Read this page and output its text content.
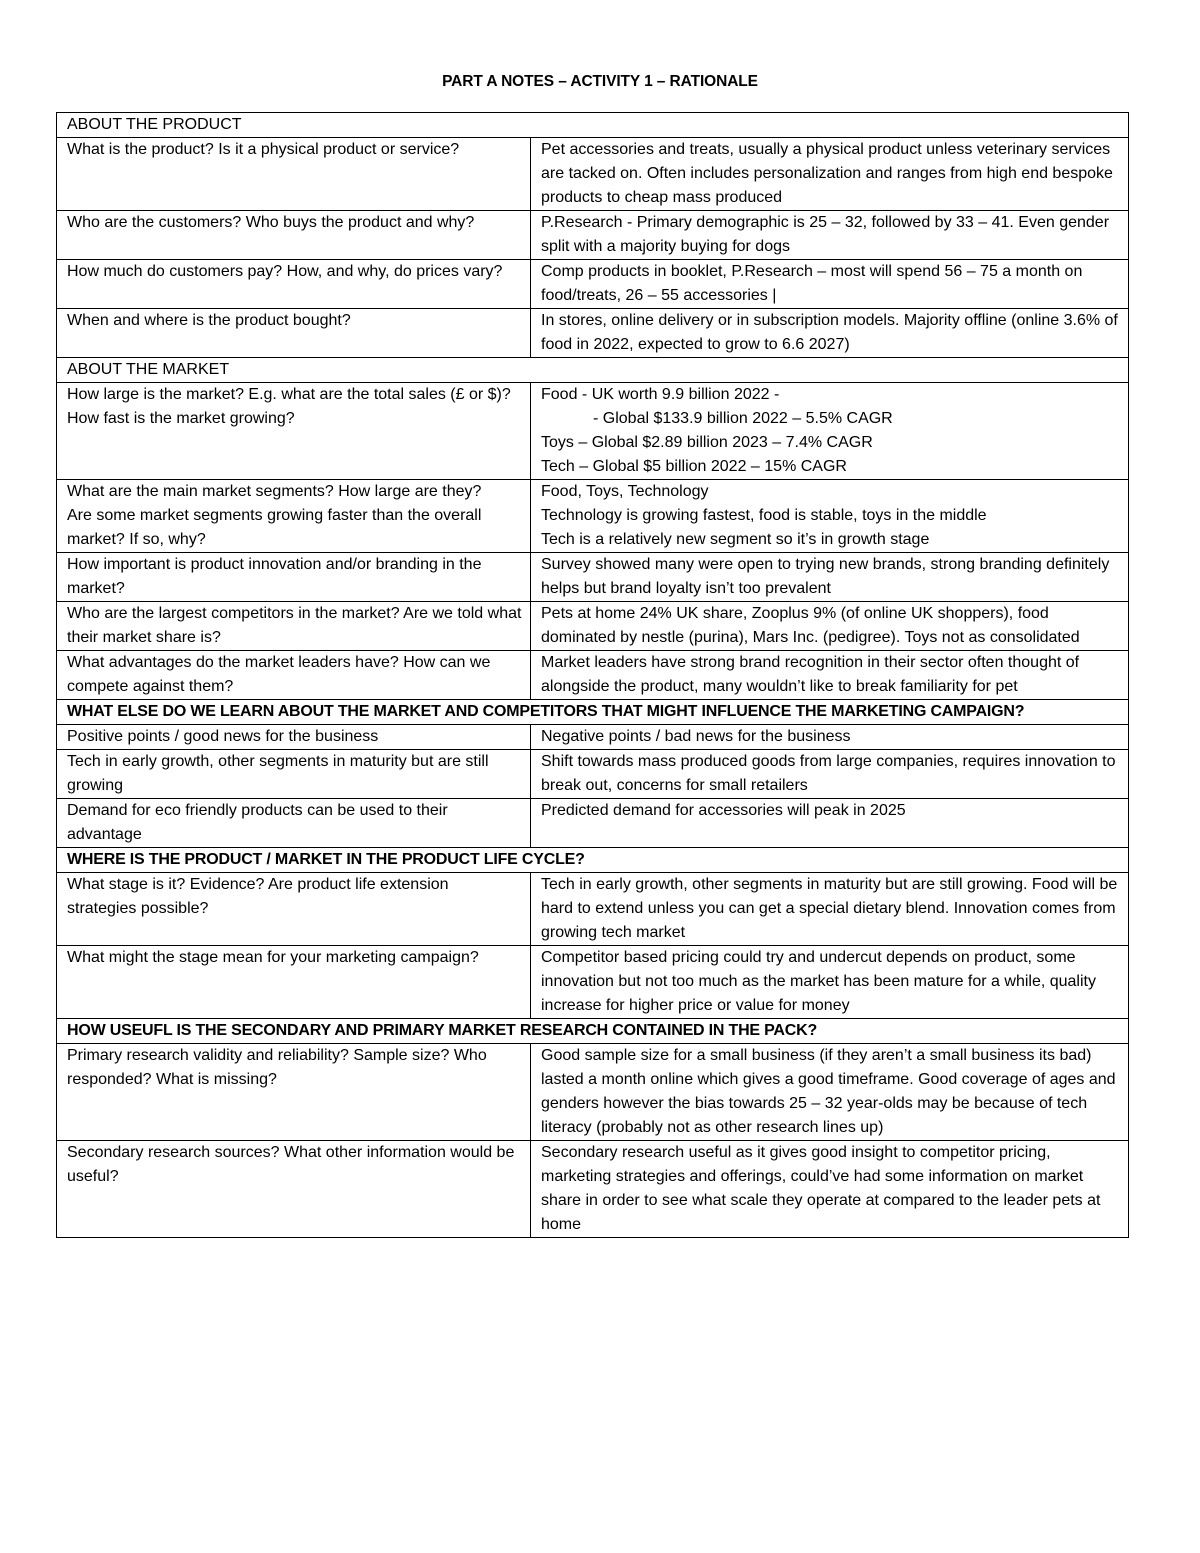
PART A NOTES – ACTIVITY 1 – RATIONALE
ABOUT THE PRODUCT	
What is the product? Is it a physical product or service?	Pet accessories and treats, usually a physical product unless veterinary services are tacked on. Often includes personalization and ranges from high end bespoke products to cheap mass produced
Who are the customers? Who buys the product and why?	P.Research - Primary demographic is 25 – 32, followed by 33 – 41. Even gender split with a majority buying for dogs
How much do customers pay? How, and why, do prices vary?	Comp products in booklet, P.Research – most will spend 56 – 75 a month on food/treats, 26 – 55 accessories |
When and where is the product bought?	In stores, online delivery or in subscription models. Majority offline (online 3.6% of food in 2022, expected to grow to 6.6 2027)
ABOUT THE MARKET	
How large is the market? E.g. what are the total sales (£ or $)? How fast is the market growing?	Food - UK worth 9.9 billion 2022 -
- Global $133.9 billion 2022 – 5.5% CAGR
Toys – Global $2.89 billion 2023 – 7.4% CAGR
Tech – Global $5 billion 2022 – 15% CAGR

What are the main market segments? How large are they?
Are some market segments growing faster than the overall market? If so, why?	Food, Toys, Technology
Technology is growing fastest, food is stable, toys in the middle
Tech is a relatively new segment so it’s in growth stage

How important is product innovation and/or branding in the market?	Survey showed many were open to trying new brands, strong branding definitely helps but brand loyalty isn’t too prevalent
Who are the largest competitors in the market? Are we told what their market share is?	Pets at home 24% UK share, Zooplus 9% (of online UK shoppers), food dominated by nestle (purina), Mars Inc. (pedigree). Toys not as consolidated
What advantages do the market leaders have? How can we compete against them?	Market leaders have strong brand recognition in their sector often thought of alongside the product, many wouldn’t like to break familiarity for pet
WHAT ELSE DO WE LEARN ABOUT THE MARKET AND COMPETITORS THAT MIGHT INFLUENCE THE MARKETING CAMPAIGN?	
Positive points / good news for the business	Negative points / bad news for the business
Tech in early growth, other segments in maturity but are still growing	Shift towards mass produced goods from large companies, requires innovation to break out, concerns for small retailers
Demand for eco friendly products can be used to their advantage	Predicted demand for accessories will peak in 2025
WHERE IS THE PRODUCT / MARKET IN THE PRODUCT LIFE CYCLE?	
What stage is it? Evidence? Are product life extension strategies possible?	Tech in early growth, other segments in maturity but are still growing. Food will be hard to extend unless you can get a special dietary blend. Innovation comes from growing tech market
What might the stage mean for your marketing campaign?	Competitor based pricing could try and undercut depends on product, some innovation but not too much as the market has been mature for a while, quality increase for higher price or value for money
HOW USEUFL IS THE SECONDARY AND PRIMARY MARKET RESEARCH CONTAINED IN THE PACK?	
Primary research validity and reliability? Sample size? Who responded? What is missing?	Good sample size for a small business (if they aren’t a small business its bad) lasted a month online which gives a good timeframe. Good coverage of ages and genders however the bias towards 25 – 32 year-olds may be because of tech literacy (probably not as other research lines up)
Secondary research sources? What other information would be useful?	Secondary research useful as it gives good insight to competitor pricing, marketing strategies and offerings, could’ve had some information on market share in order to see what scale they operate at compared to the leader pets at home
